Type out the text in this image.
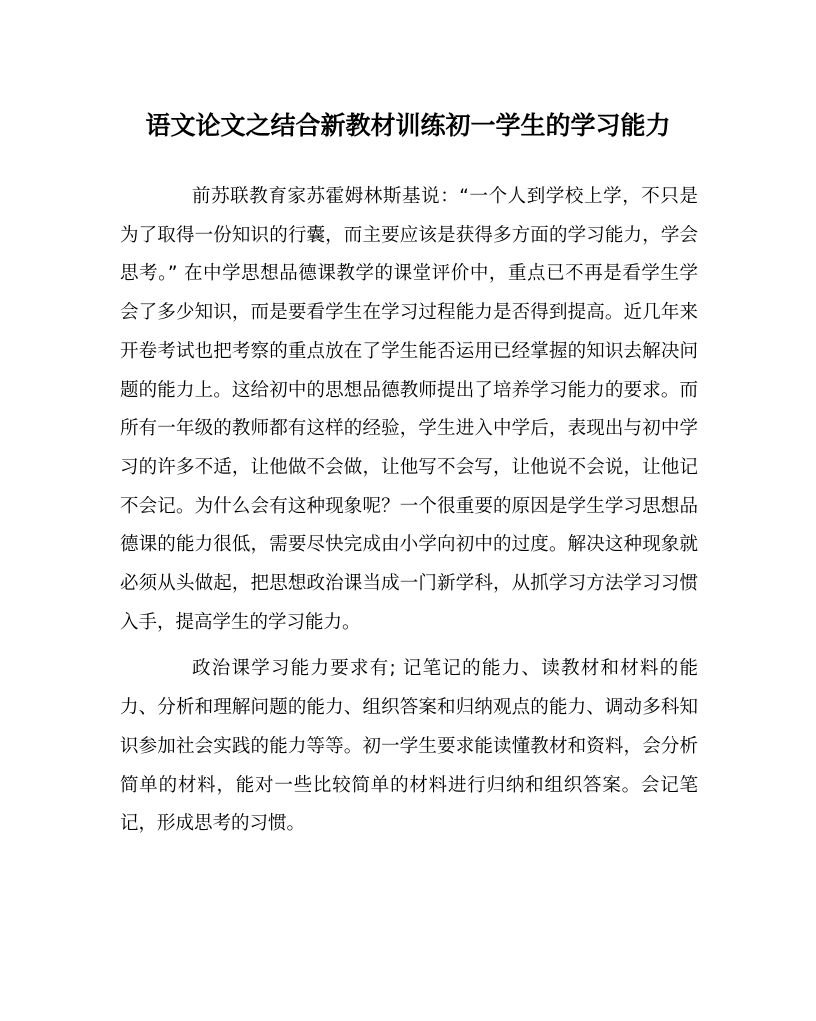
语文论文之结合新教材训练初一学生的学习能力

前苏联教育家苏霍姆林斯基说：“一个人到学校上学，不只是为了取得一份知识的行囊，而主要应该是获得多方面的学习能力，学会思考。” 在中学思想品德课教学的课堂评价中，重点已不再是看学生学会了多少知识，而是要看学生在学习过程能力是否得到提高。近几年来开卷考试也把考察的重点放在了学生能否运用已经掌握的知识去解决问题的能力上。这给初中的思想品德教师提出了培养学习能力的要求。而所有一年级的教师都有这样的经验，学生进入中学后，表现出与初中学习的许多不适，让他做不会做，让他写不会写，让他说不会说，让他记不会记。为什么会有这种现象呢？一个很重要的原因是学生学习思想品德课的能力很低，需要尽快完成由小学向初中的过度。解决这种现象就必须从头做起，把思想政治课当成一门新学科，从抓学习方法学习习惯入手，提高学生的学习能力。

政治课学习能力要求有; 记笔记的能力、读教材和材料的能力、分析和理解问题的能力、组织答案和归纳观点的能力、调动多科知识参加社会实践的能力等等。初一学生要求能读懂教材和资料，会分析简单的材料，能对一些比较简单的材料进行归纳和组织答案。会记笔记，形成思考的习惯。
